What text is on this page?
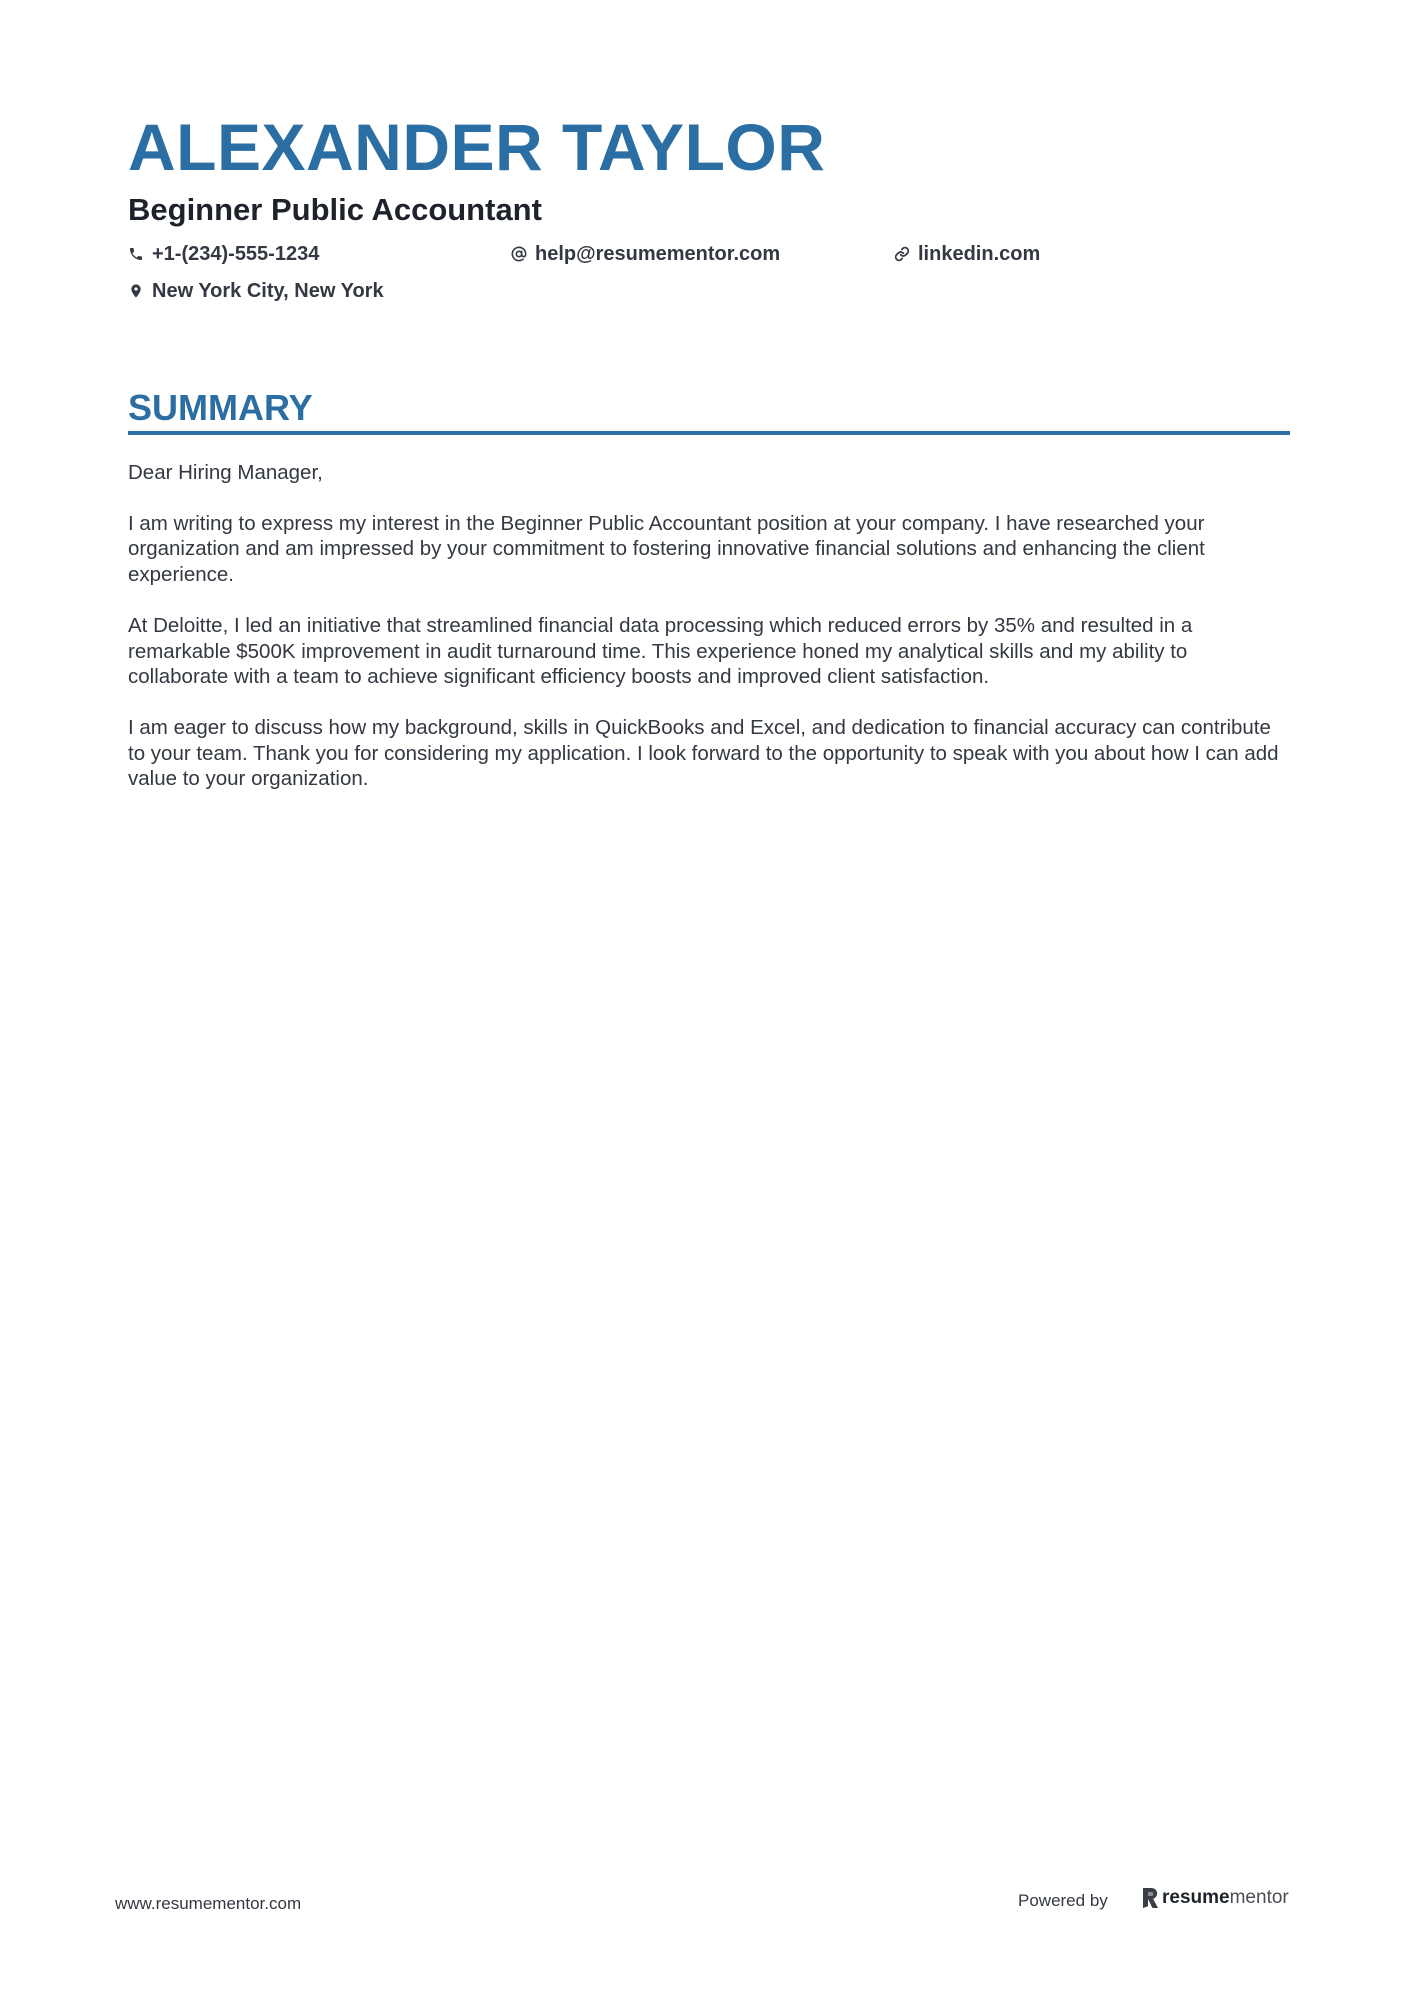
ALEXANDER TAYLOR
Beginner Public Accountant
+1-(234)-555-1234	help@resumementor.com	linkedin.com
New York City, New York
SUMMARY

Dear Hiring Manager,

I am writing to express my interest in the Beginner Public Accountant position at your company. I have researched your organization and am impressed by your commitment to fostering innovative financial solutions and enhancing the client experience.

At Deloitte, I led an initiative that streamlined financial data processing which reduced errors by 35% and resulted in a remarkable $500K improvement in audit turnaround time. This experience honed my analytical skills and my ability to collaborate with a team to achieve significant efficiency boosts and improved client satisfaction.

I am eager to discuss how my background, skills in QuickBooks and Excel, and dedication to financial accuracy can contribute to your team. Thank you for considering my application. I look forward to the opportunity to speak with you about how I can add value to your organization.

www.resumementor.com	Powered by	resumementor
